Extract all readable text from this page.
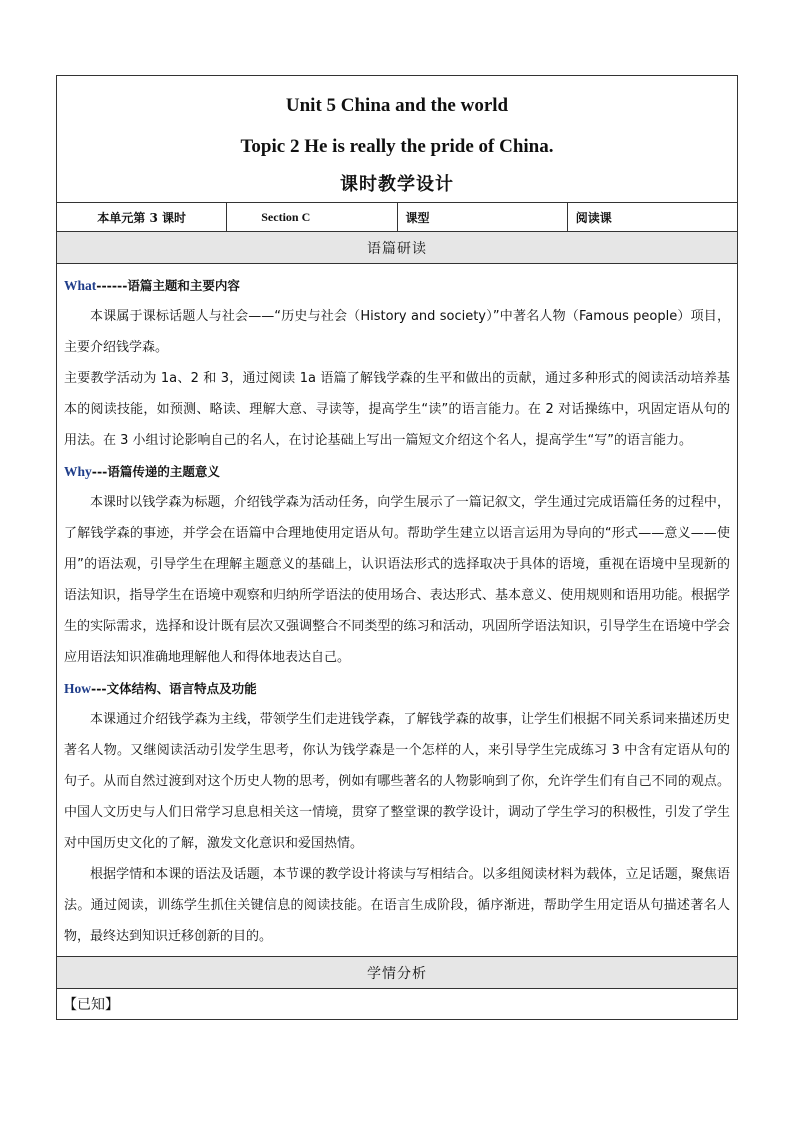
Unit 5 China and the world
Topic 2 He is really the pride of China.
课时教学设计

本单元第 3 课时	Section C	课型	阅读课
语篇研读

What------语篇主题和主要内容

本课属于课标话题人与社会——“历史与社会（History and society）”中著名人物（Famous people）项目，主要介绍钱学森。

主要教学活动为 1a、2 和 3，通过阅读 1a 语篇了解钱学森的生平和做出的贡献，通过多种形式的阅读活动培养基本的阅读技能，如预测、略读、理解大意、寻读等，提高学生“读”的语言能力。在 2 对话操练中，巩固定语从句的用法。在 3 小组讨论影响自己的名人，在讨论基础上写出一篇短文介绍这个名人，提高学生“写”的语言能力。

Why---语篇传递的主题意义

本课时以钱学森为标题，介绍钱学森为活动任务，向学生展示了一篇记叙文，学生通过完成语篇任务的过程中，了解钱学森的事迹，并学会在语篇中合理地使用定语从句。帮助学生建立以语言运用为导向的“形式——意义——使用”的语法观，引导学生在理解主题意义的基础上，认识语法形式的选择取决于具体的语境，重视在语境中呈现新的语法知识，指导学生在语境中观察和归纳所学语法的使用场合、表达形式、基本意义、使用规则和语用功能。根据学生的实际需求，选择和设计既有层次又强调整合不同类型的练习和活动，巩固所学语法知识，引导学生在语境中学会应用语法知识准确地理解他人和得体地表达自己。

How---文体结构、语言特点及功能

本课通过介绍钱学森为主线，带领学生们走进钱学森，了解钱学森的故事，让学生们根据不同关系词来描述历史著名人物。又继阅读活动引发学生思考，你认为钱学森是一个怎样的人，来引导学生完成练习 3 中含有定语从句的句子。从而自然过渡到对这个历史人物的思考，例如有哪些著名的人物影响到了你，允许学生们有自己不同的观点。中国人文历史与人们日常学习息息相关这一情境，贯穿了整堂课的教学设计，调动了学生学习的积极性，引发了学生对中国历史文化的了解，激发文化意识和爱国热情。

根据学情和本课的语法及话题，本节课的教学设计将读与写相结合。以多组阅读材料为载体，立足话题，聚焦语法。通过阅读，训练学生抓住关键信息的阅读技能。在语言生成阶段，循序渐进，帮助学生用定语从句描述著名人物，最终达到知识迁移创新的目的。

学情分析
【已知】
